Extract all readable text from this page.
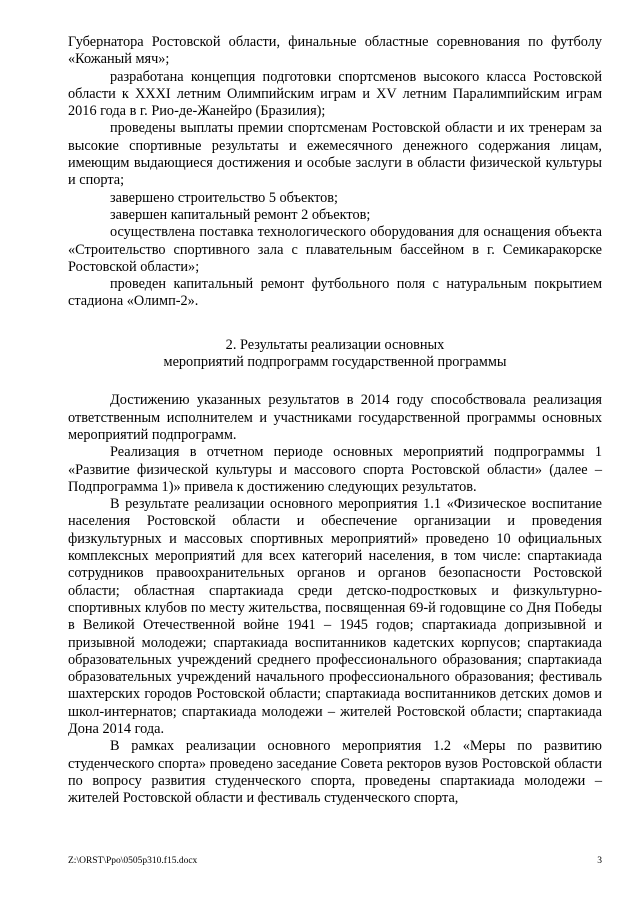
Губернатора Ростовской области, финальные областные соревнования по футболу «Кожаный мяч»;

разработана концепция подготовки спортсменов высокого класса Ростовской области к XXXI летним Олимпийским играм и XV летним Паралимпийским играм 2016 года в г. Рио-де-Жанейро (Бразилия);

проведены выплаты премии спортсменам Ростовской области и их тренерам за высокие спортивные результаты и ежемесячного денежного содержания лицам, имеющим выдающиеся достижения и особые заслуги в области физической культуры и спорта;

завершено строительство 5 объектов;

завершен капитальный ремонт 2 объектов;

осуществлена поставка технологического оборудования для оснащения объекта «Строительство спортивного зала с плавательным бассейном в г. Семикаракорске Ростовской области»;

проведен капитальный ремонт футбольного поля с натуральным покрытием стадиона «Олимп-2».

2. Результаты реализации основных
мероприятий подпрограмм государственной программы

Достижению указанных результатов в 2014 году способствовала реализация ответственным исполнителем и участниками государственной программы основных мероприятий подпрограмм.

Реализация в отчетном периоде основных мероприятий подпрограммы 1 «Развитие физической культуры и массового спорта Ростовской области» (далее – Подпрограмма 1)» привела к достижению следующих результатов.

В результате реализации основного мероприятия 1.1 «Физическое воспитание населения Ростовской области и обеспечение организации и проведения физкультурных и массовых спортивных мероприятий» проведено 10 официальных комплексных мероприятий для всех категорий населения, в том числе: спартакиада сотрудников правоохранительных органов и органов безопасности Ростовской области; областная спартакиада среди детско-подростковых и физкультурно-спортивных клубов по месту жительства, посвященная 69-й годовщине со Дня Победы в Великой Отечественной войне 1941 – 1945 годов; спартакиада допризывной и призывной молодежи; спартакиада воспитанников кадетских корпусов; спартакиада образовательных учреждений среднего профессионального образования; спартакиада образовательных учреждений начального профессионального образования; фестиваль шахтерских городов Ростовской области; спартакиада воспитанников детских домов и школ-интернатов; спартакиада молодежи – жителей Ростовской области; спартакиада Дона 2014 года.

В рамках реализации основного мероприятия 1.2 «Меры по развитию студенческого спорта» проведено заседание Совета ректоров вузов Ростовской области по вопросу развития студенческого спорта, проведены спартакиада молодежи – жителей Ростовской области и фестиваль студенческого спорта,

Z:\ORST\Ppo\0505p310.f15.docx	3
